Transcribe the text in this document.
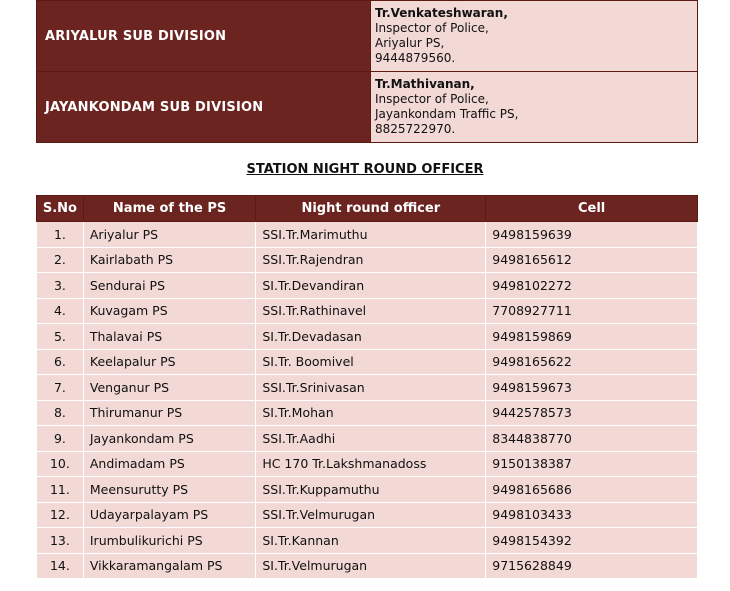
ARIYALUR SUB DIVISION	Tr.Venkateshwaran,
Inspector of Police,
Ariyalur PS,
9444879560.

JAYANKONDAM SUB DIVISION	Tr.Mathivanan,
Inspector of Police,
Jayankondam Traffic PS,
8825722970.
STATION NIGHT ROUND OFFICER
S.No	Name of the PS	Night round officer	Cell
1.	Ariyalur PS	SSI.Tr.Marimuthu	9498159639
2.	Kairlabath PS	SSI.Tr.Rajendran	9498165612
3.	Sendurai PS	SI.Tr.Devandiran	9498102272
4.	Kuvagam PS	SSI.Tr.Rathinavel	7708927711
5.	Thalavai PS	SI.Tr.Devadasan	9498159869
6.	Keelapalur PS	SI.Tr. Boomivel	9498165622
7.	Venganur PS	SSI.Tr.Srinivasan	9498159673
8.	Thirumanur PS	SI.Tr.Mohan	9442578573
9.	Jayankondam PS	SSI.Tr.Aadhi	8344838770
10.	Andimadam PS	HC 170 Tr.Lakshmanadoss	9150138387
11.	Meensurutty PS	SSI.Tr.Kuppamuthu	9498165686
12.	Udayarpalayam PS	SSI.Tr.Velmurugan	9498103433
13.	Irumbulikurichi PS	SI.Tr.Kannan	9498154392
14.	Vikkaramangalam PS	SI.Tr.Velmurugan	9715628849
